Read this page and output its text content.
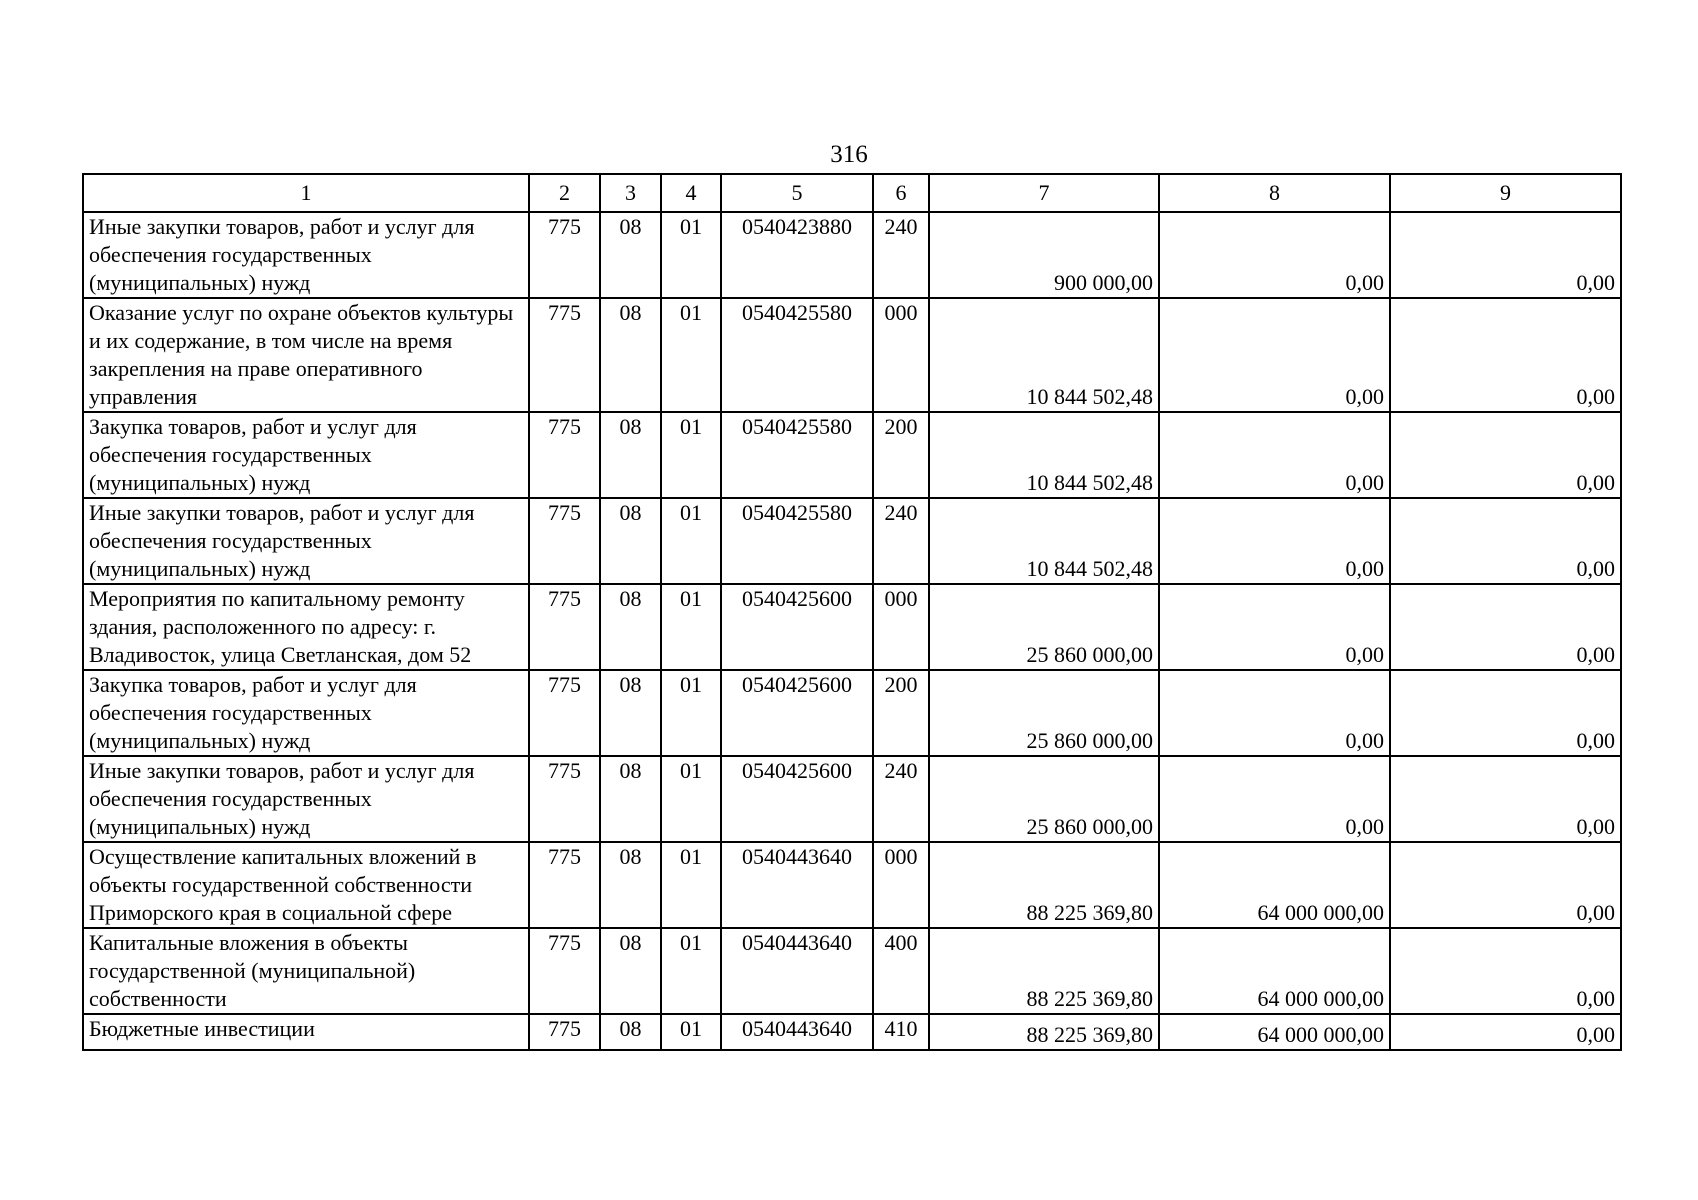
316
1	2	3	4	5	6	7	8	9
Иные закупки товаров, работ и услуг для обеспечения государственных (муниципальных) нужд	775	08	01	0540423880	240	900 000,00	0,00	0,00
Оказание услуг по охране объектов культуры и их содержание, в том числе на время закрепления на праве оперативного управления	775	08	01	0540425580	000	10 844 502,48	0,00	0,00
Закупка товаров, работ и услуг для обеспечения государственных (муниципальных) нужд	775	08	01	0540425580	200	10 844 502,48	0,00	0,00
Иные закупки товаров, работ и услуг для обеспечения государственных (муниципальных) нужд	775	08	01	0540425580	240	10 844 502,48	0,00	0,00
Мероприятия по капитальному ремонту здания, расположенного по адресу: г. Владивосток, улица Светланская, дом 52	775	08	01	0540425600	000	25 860 000,00	0,00	0,00
Закупка товаров, работ и услуг для обеспечения государственных (муниципальных) нужд	775	08	01	0540425600	200	25 860 000,00	0,00	0,00
Иные закупки товаров, работ и услуг для обеспечения государственных (муниципальных) нужд	775	08	01	0540425600	240	25 860 000,00	0,00	0,00
Осуществление капитальных вложений в объекты государственной собственности Приморского края в социальной сфере	775	08	01	0540443640	000	88 225 369,80	64 000 000,00	0,00
Капитальные вложения в объекты государственной (муниципальной) собственности	775	08	01	0540443640	400	88 225 369,80	64 000 000,00	0,00
Бюджетные инвестиции	775	08	01	0540443640	410	88 225 369,80	64 000 000,00	0,00
